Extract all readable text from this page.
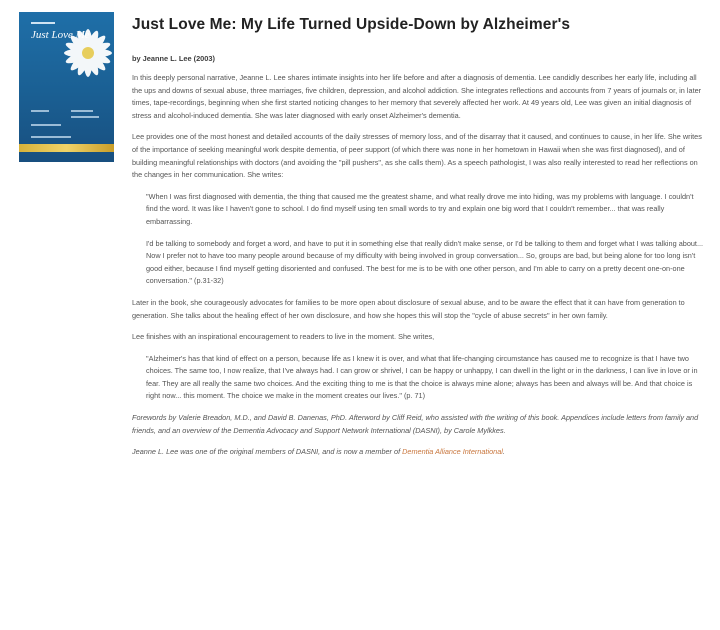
Just Love Me
Just Love Me: My Life Turned Upside-Down by Alzheimer's
by Jeanne L. Lee (2003)

In this deeply personal narrative, Jeanne L. Lee shares intimate insights into her life before and after a diagnosis of dementia. Lee candidly describes her early life, including all the ups and downs of sexual abuse, three marriages, five children, depression, and alcohol addiction. She integrates reflections and accounts from 7 years of journals or, in later times, tape-recordings, beginning when she first started noticing changes to her memory that severely affected her work. At 49 years old, Lee was given an initial diagnosis of stress and alcohol-induced dementia. She was later diagnosed with early onset Alzheimer's dementia.

Lee provides one of the most honest and detailed accounts of the daily stresses of memory loss, and of the disarray that it caused, and continues to cause, in her life. She writes of the importance of seeking meaningful work despite dementia, of peer support (of which there was none in her hometown in Hawaii when she was first diagnosed), and of building meaningful relationships with doctors (and avoiding the "pill pushers", as she calls them). As a speech pathologist, I was also really interested to read her reflections on the changes in her communication. She writes:

"When I was first diagnosed with dementia, the thing that caused me the greatest shame, and what really drove me into hiding, was my problems with language. I couldn't find the word. It was like I haven't gone to school. I do find myself using ten small words to try and explain one big word that I couldn't remember... that was really embarrassing.

I'd be talking to somebody and forget a word, and have to put it in something else that really didn't make sense, or I'd be talking to them and forget what I was talking about... Now I prefer not to have too many people around because of my difficulty with being involved in group conversation... So, groups are bad, but being alone for too long isn't good either, because I find myself getting disoriented and confused. The best for me is to be with one other person, and I'm able to carry on a pretty decent one-on-one conversation." (p.31-32)

Later in the book, she courageously advocates for families to be more open about disclosure of sexual abuse, and to be aware the effect that it can have from generation to generation. She talks about the healing effect of her own disclosure, and how she hopes this will stop the "cycle of abuse secrets" in her own family.

Lee finishes with an inspirational encouragement to readers to live in the moment. She writes,

"Alzheimer's has that kind of effect on a person, because life as I knew it is over, and what that life-changing circumstance has caused me to recognize is that I have two choices. The same too, I now realize, that I've always had. I can grow or shrivel, I can be happy or unhappy, I can dwell in the light or in the darkness, I can live in love or in fear. They are all really the same two choices. And the exciting thing to me is that the choice is always mine alone; always has been and always will be. And that choice is right now... this moment. The choice we make in the moment creates our lives." (p. 71)

Forewords by Valerie Breadon, M.D., and David B. Danenas, PhD. Afterword by Cliff Reid, who assisted with the writing of this book. Appendices include letters from family and friends, and an overview of the Dementia Advocacy and Support Network International (DASNI), by Carole Mylkkes.

Jeanne L. Lee was one of the original members of DASNI, and is now a member of Dementia Alliance International.
